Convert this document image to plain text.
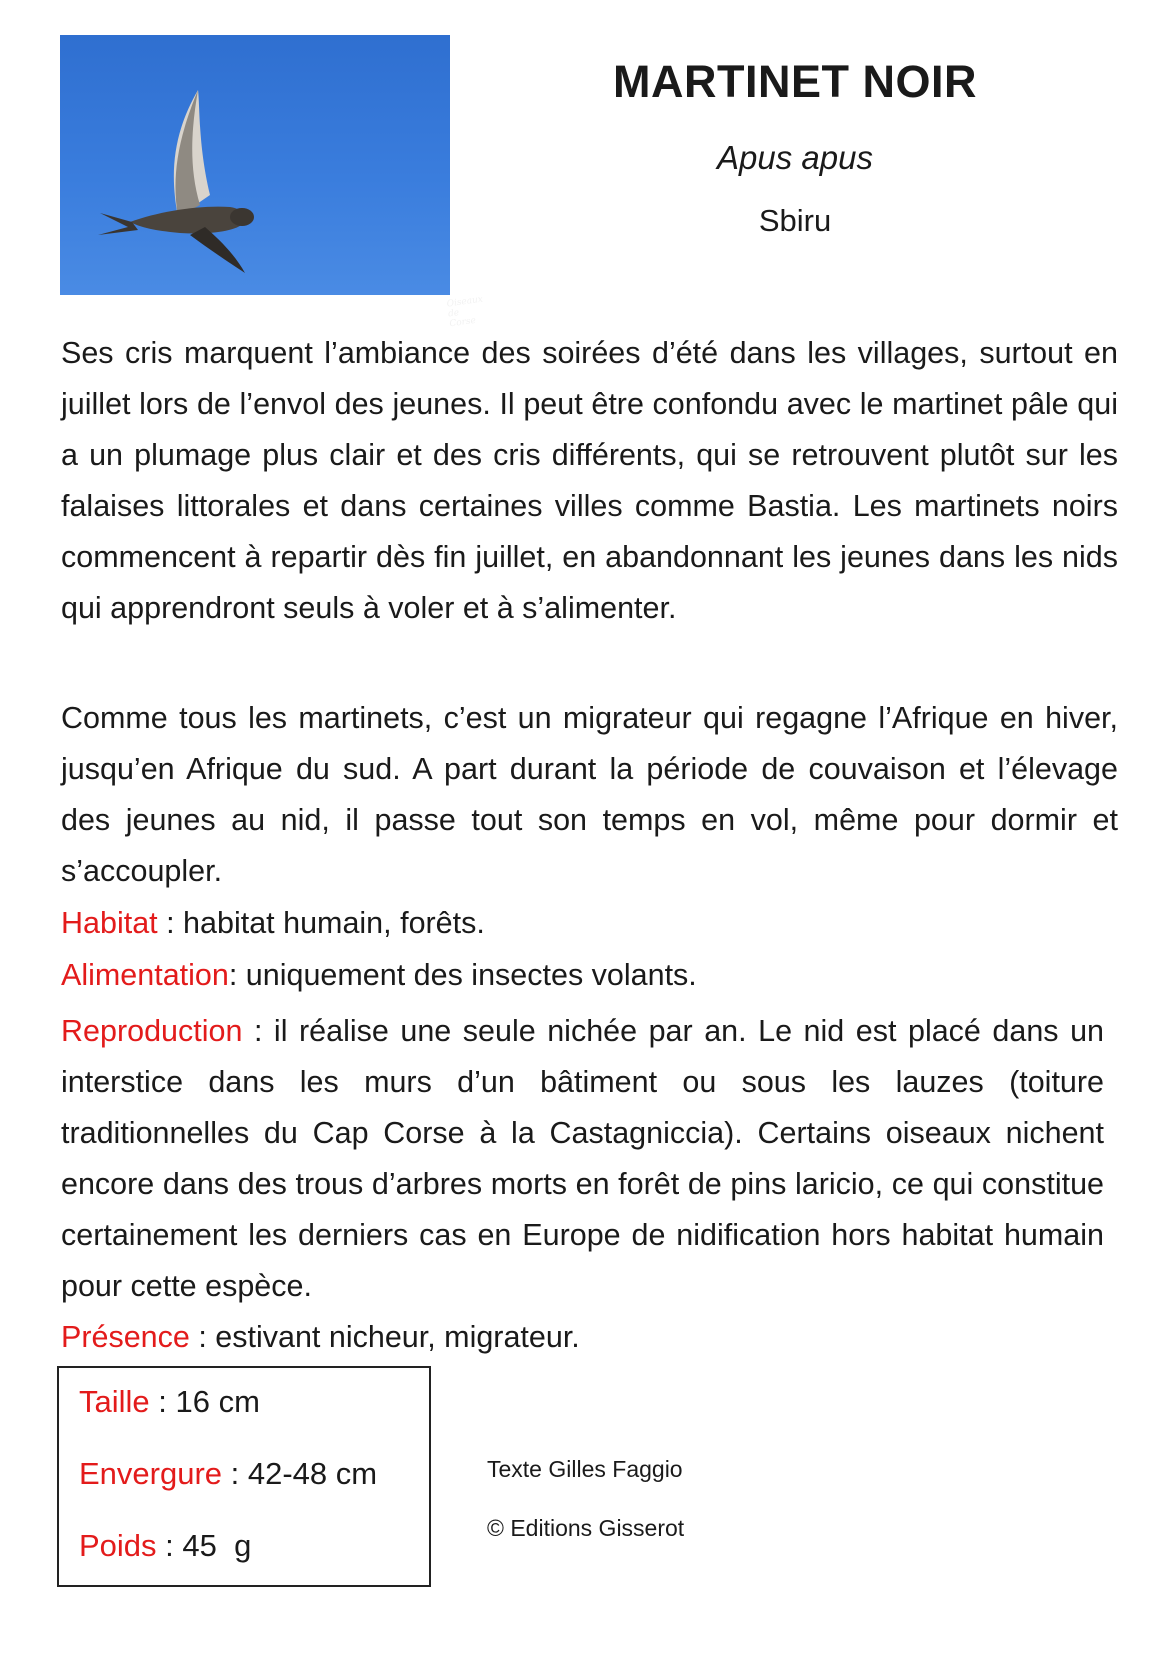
Oiseaux
de Corse
MARTINET NOIR

Apus apus

Sbiru

Ses cris marquent l’ambiance des soirées d’été dans les villages, surtout en juillet lors de l’envol des jeunes. Il peut être confondu avec le martinet pâle qui a un plumage plus clair et des cris différents, qui se retrouvent plutôt sur les falaises littorales et dans certaines villes comme Bastia. Les martinets noirs commencent à repartir dès fin juillet, en abandonnant les jeunes dans les nids qui apprendront seuls à voler et à s’alimenter.

Comme tous les martinets, c’est un migrateur qui regagne l’Afrique en hiver, jusqu’en Afrique du sud. A part durant la période de couvaison et l’élevage des jeunes au nid, il passe tout son temps en vol, même pour dormir et s’accoupler.

Habitat : habitat humain, forêts.

Alimentation: uniquement des insectes volants.

Reproduction : il réalise une seule nichée par an. Le nid est placé dans un interstice dans les murs d’un bâtiment ou sous les lauzes (toiture traditionnelles du Cap Corse à la Castagniccia). Certains oiseaux nichent encore dans des trous d’arbres morts en forêt de pins laricio, ce qui constitue certainement les derniers cas en Europe de nidification hors habitat humain pour cette espèce.

Présence : estivant nicheur, migrateur.

Taille : 16 cm
Envergure : 42-48 cm
Poids : 45  g
Texte Gilles Faggio
© Editions Gisserot
